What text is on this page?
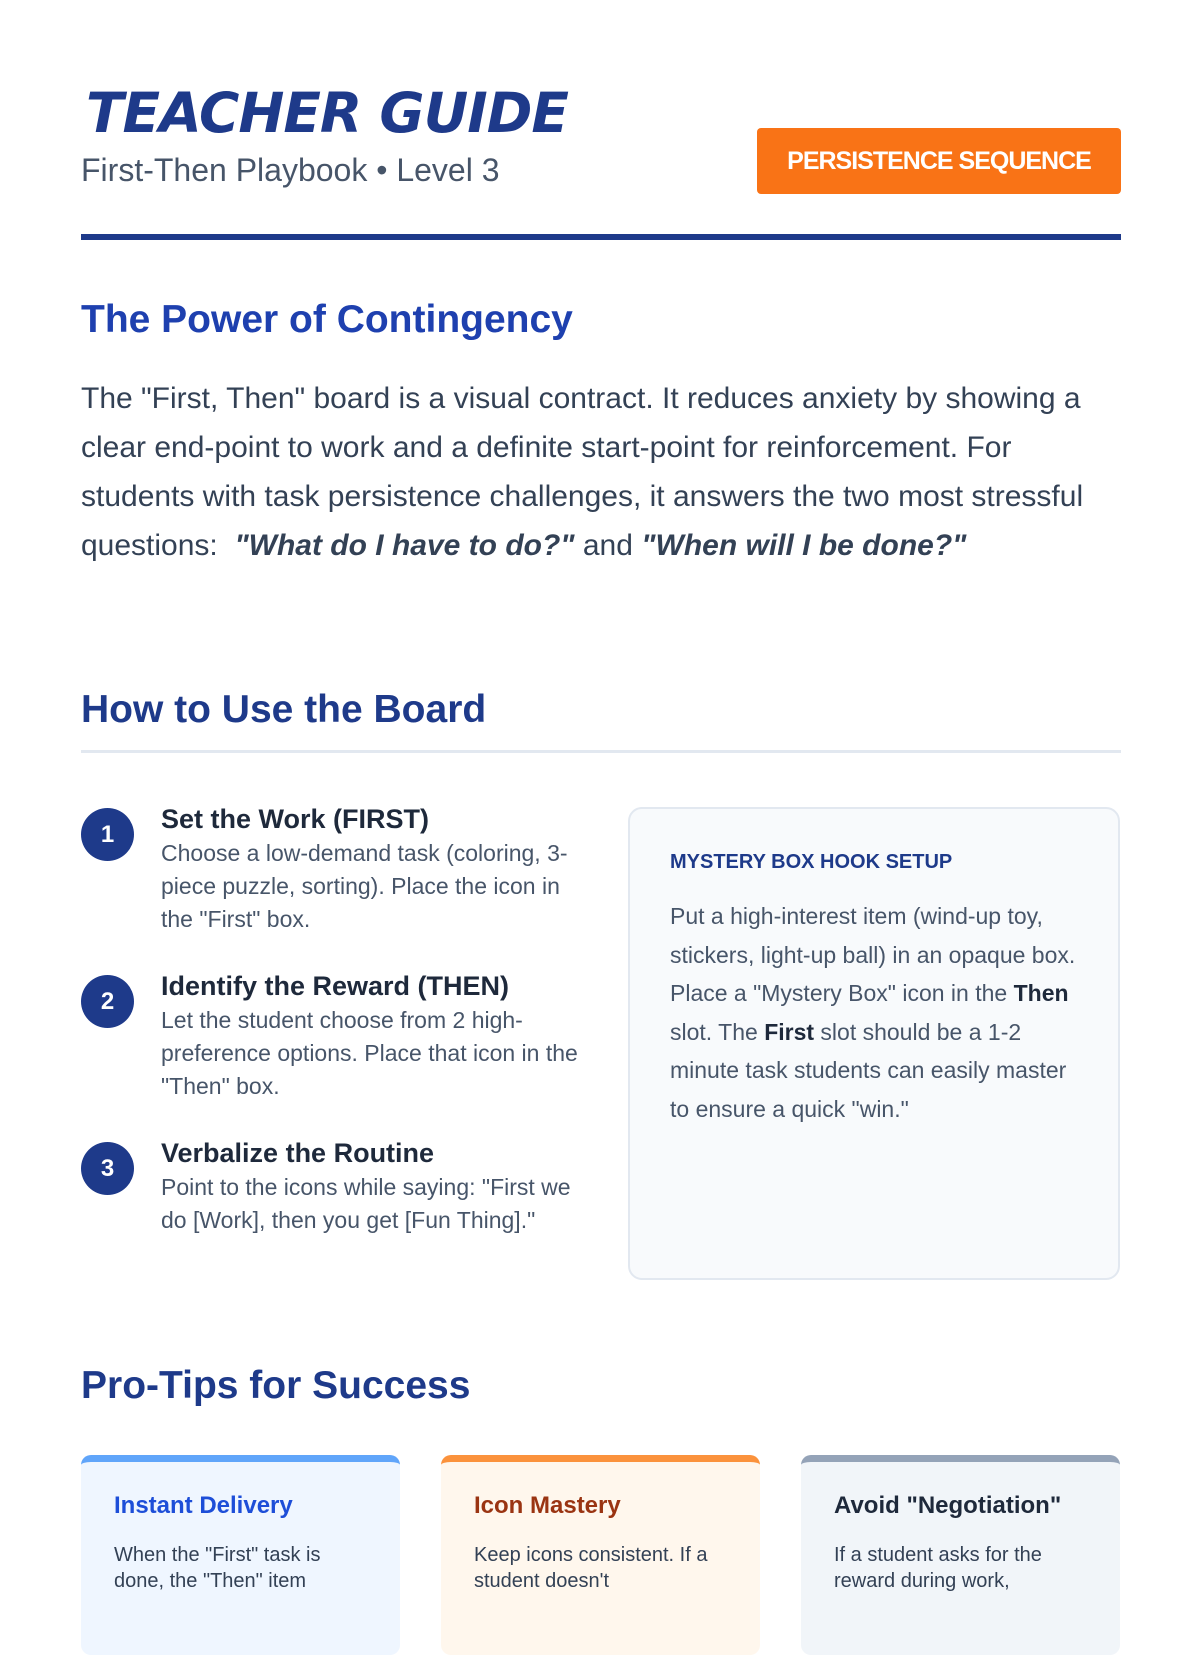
TEACHER GUIDE
First-Then Playbook • Level 3	PERSISTENCE SEQUENCE
The Power of Contingency

The "First, Then" board is a visual contract. It reduces anxiety by showing a clear end-point to work and a definite start-point for reinforcement. For students with task persistence challenges, it answers the two most stressful questions: "What do I have to do?" and "When will I be done?"

How to Use the Board
1	Set the Work (FIRST)

Choose a low-demand task (coloring, 3-piece puzzle, sorting). Place the icon in the "First" box.

2	Identify the Reward (THEN)

Let the student choose from 2 high-preference options. Place that icon in the "Then" box.

3	Verbalize the Routine

Point to the icons while saying: "First we do [Work], then you get [Fun Thing]."

MYSTERY BOX HOOK SETUP

Put a high-interest item (wind-up toy, stickers, light-up ball) in an opaque box. Place a "Mystery Box" icon in the Then slot. The First slot should be a 1-2 minute task students can easily master to ensure a quick "win."

Pro-Tips for Success
Instant Delivery

When the "First" task is done, the "Then" item

Icon Mastery

Keep icons consistent. If a student doesn't

Avoid "Negotiation"

If a student asks for the reward during work,
